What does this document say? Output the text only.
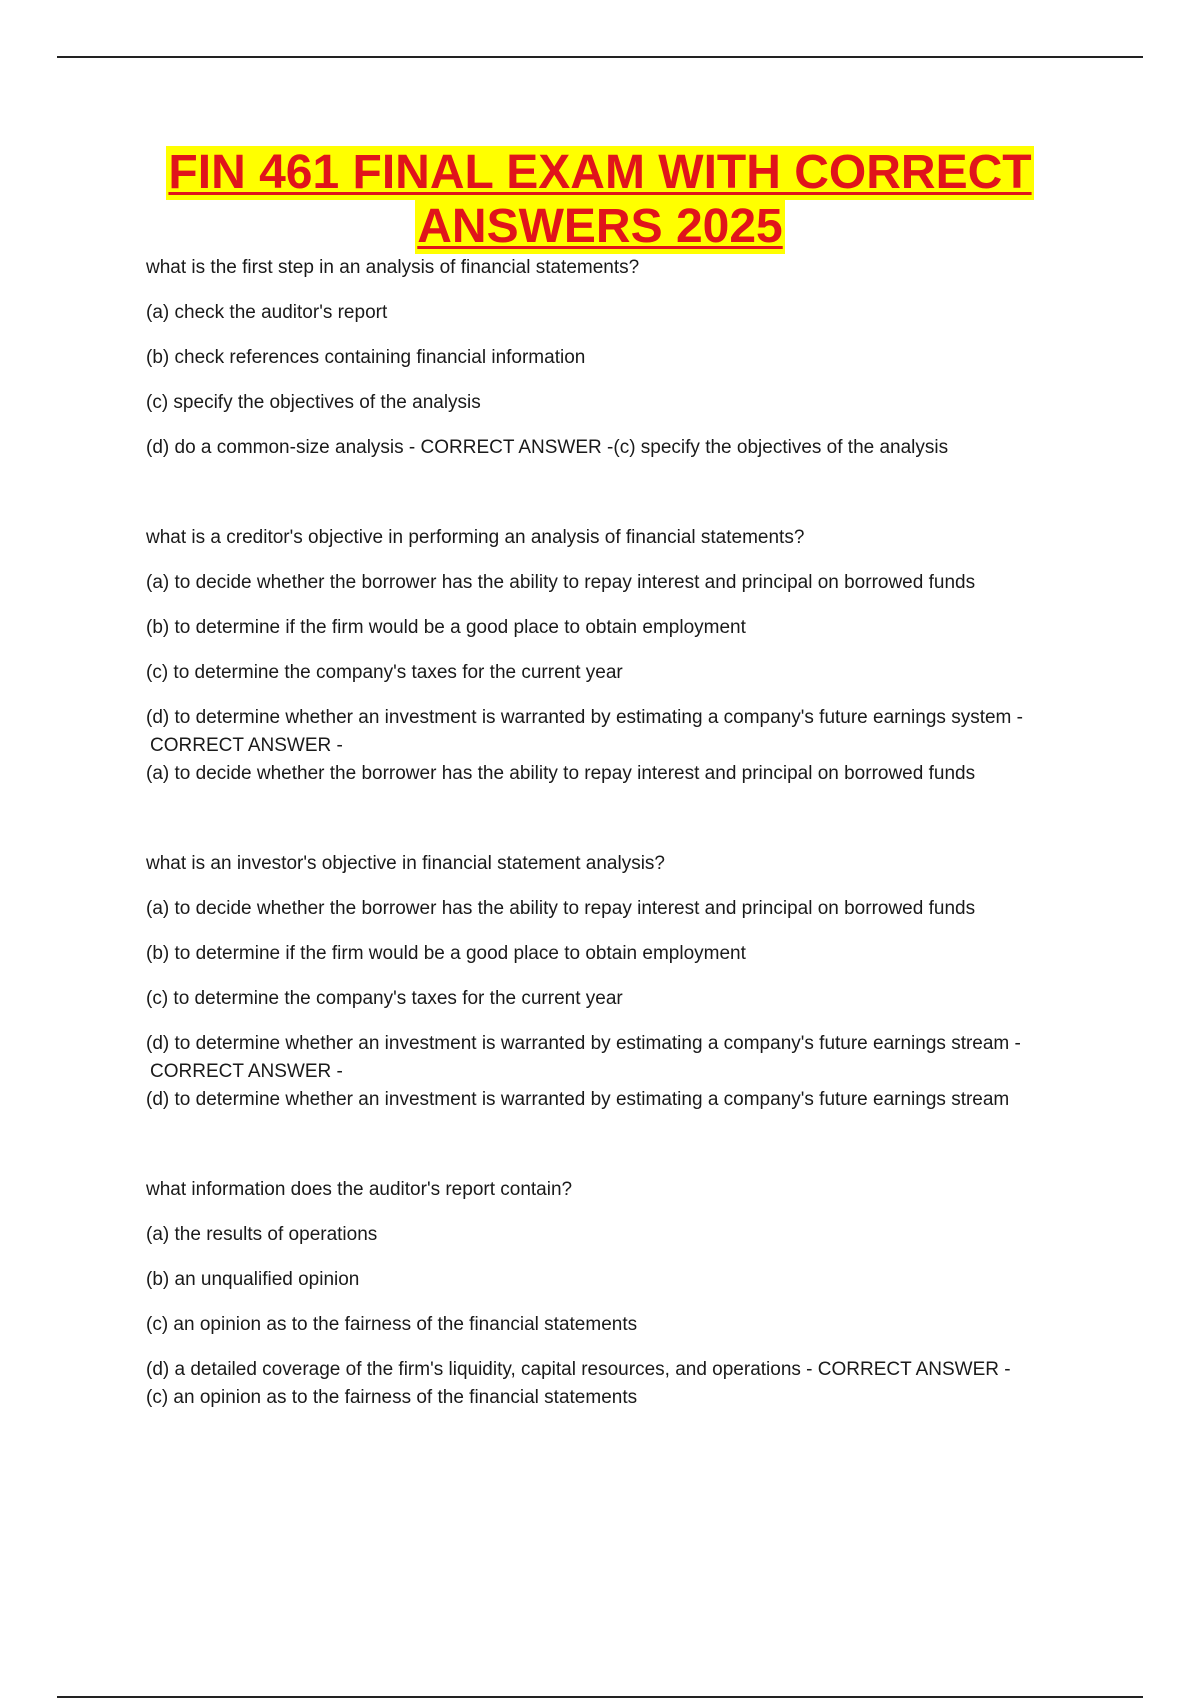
FIN 461 FINAL EXAM WITH CORRECT
ANSWERS 2025
what is the first step in an analysis of financial statements?
(a) check the auditor's report
(b) check references containing financial information
(c) specify the objectives of the analysis
(d) do a common-size analysis - CORRECT ANSWER -(c) specify the objectives of the analysis
what is a creditor's objective in performing an analysis of financial statements?
(a) to decide whether the borrower has the ability to repay interest and principal on borrowed funds
(b) to determine if the firm would be a good place to obtain employment
(c) to determine the company's taxes for the current year
(d) to determine whether an investment is warranted by estimating a company's future earnings system -
CORRECT ANSWER -
(a) to decide whether the borrower has the ability to repay interest and principal on borrowed funds
what is an investor's objective in financial statement analysis?
(a) to decide whether the borrower has the ability to repay interest and principal on borrowed funds
(b) to determine if the firm would be a good place to obtain employment
(c) to determine the company's taxes for the current year
(d) to determine whether an investment is warranted by estimating a company's future earnings stream -
CORRECT ANSWER -
(d) to determine whether an investment is warranted by estimating a company's future earnings stream
what information does the auditor's report contain?
(a) the results of operations
(b) an unqualified opinion
(c) an opinion as to the fairness of the financial statements
(d) a detailed coverage of the firm's liquidity, capital resources, and operations - CORRECT ANSWER -
(c) an opinion as to the fairness of the financial statements
